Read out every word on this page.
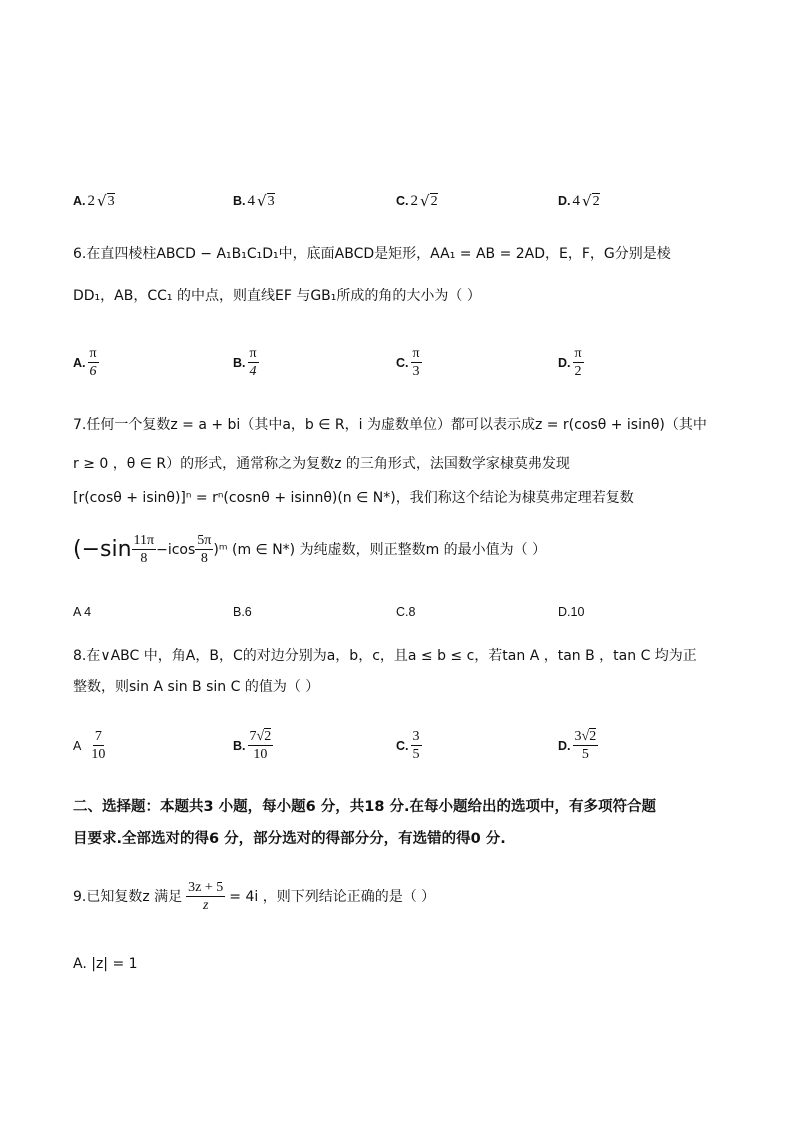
A. 2 √ 3	B. 4 √ 3	C. 2 √ 2	D. 4 √ 2
6.在直四棱柱ABCD − A₁B₁C₁D₁中，底面ABCD是矩形，AA₁ = AB = 2AD，E，F，G分别是棱
DD₁，AB，CC₁ 的中点，则直线EF 与GB₁所成的角的大小为（ ）
A. $\frac{\pi}{6}$	B. $\frac{\pi}{4}$	C. $\frac{\pi}{3}$	D. $\frac{\pi}{2}$
7.任何一个复数z = a + bi（其中a，b ∈ R，i 为虚数单位）都可以表示成z = r(cosθ + isinθ)（其中
r ≥ 0 ，θ ∈ R）的形式，通常称之为复数z 的三角形式，法国数学家棣莫弗发现
[r(cosθ + isinθ)]ⁿ = rⁿ(cosnθ + isinnθ)(n ∈ N*)，我们称这个结论为棣莫弗定理若复数
($-\sin \frac{11\pi}{8} -icos \frac{5\pi}{8}$ )ᵐ (m ∈ N*) 为纯虚数，则正整数m 的最小值为（ ）
A 4	B.6	C.8	D.10
8.在∨ABC 中，角A，B，C的对边分别为a，b，c，且a ≤ b ≤ c，若tan A ，tan B ，tan C 均为正
整数，则sin A sin B sin C 的值为（ ）
A $\frac{7}{10}$	B. $\frac{7√2}{10}$	C. $\frac{3}{5}$	D. $\frac{3√2}{5}$
二、选择题：本题共3 小题，每小题6 分，共18 分.在每小题给出的选项中，有多项符合题
目要求.全部选对的得6 分，部分选对的得部分分，有选错的得0 分.
9.已知复数z 满足 $\frac{3z + 5}{z} = 4i$ ，则下列结论正确的是（ ）
A. |z| = 1
